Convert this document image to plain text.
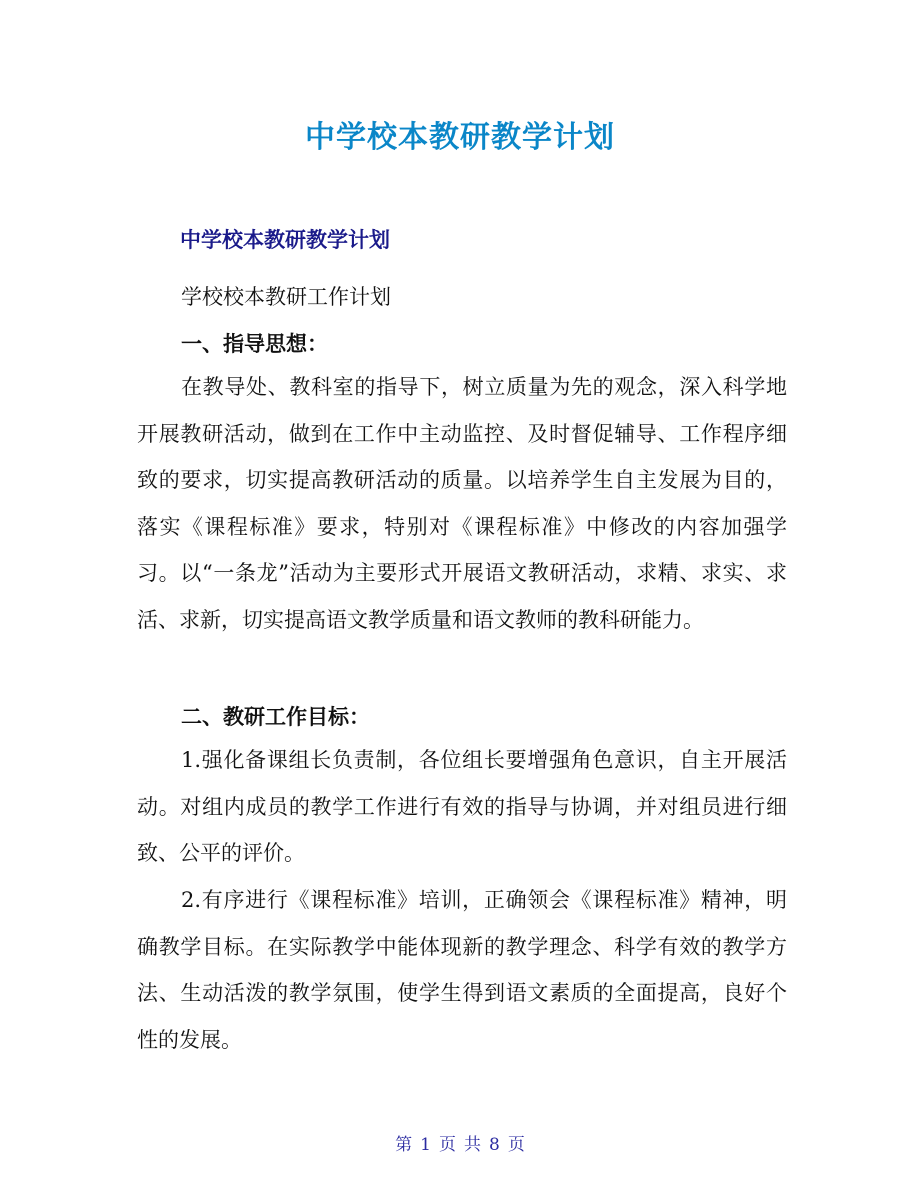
中学校本教研教学计划
中学校本教研教学计划
学校校本教研工作计划
一、指导思想：

在教导处、教科室的指导下，树立质量为先的观念，深入科学地开展教研活动，做到在工作中主动监控、及时督促辅导、工作程序细致的要求，切实提高教研活动的质量。以培养学生自主发展为目的，落实《课程标准》要求，特别对《课程标准》中修改的内容加强学习。以“一条龙”活动为主要形式开展语文教研活动，求精、求实、求活、求新，切实提高语文教学质量和语文教师的教科研能力。

二、教研工作目标：

1.强化备课组长负责制，各位组长要增强角色意识，自主开展活动。对组内成员的教学工作进行有效的指导与协调，并对组员进行细致、公平的评价。

2.有序进行《课程标准》培训，正确领会《课程标准》精神，明确教学目标。在实际教学中能体现新的教学理念、科学有效的教学方法、生动活泼的教学氛围，使学生得到语文素质的全面提高，良好个性的发展。

第 1 页 共 8 页
